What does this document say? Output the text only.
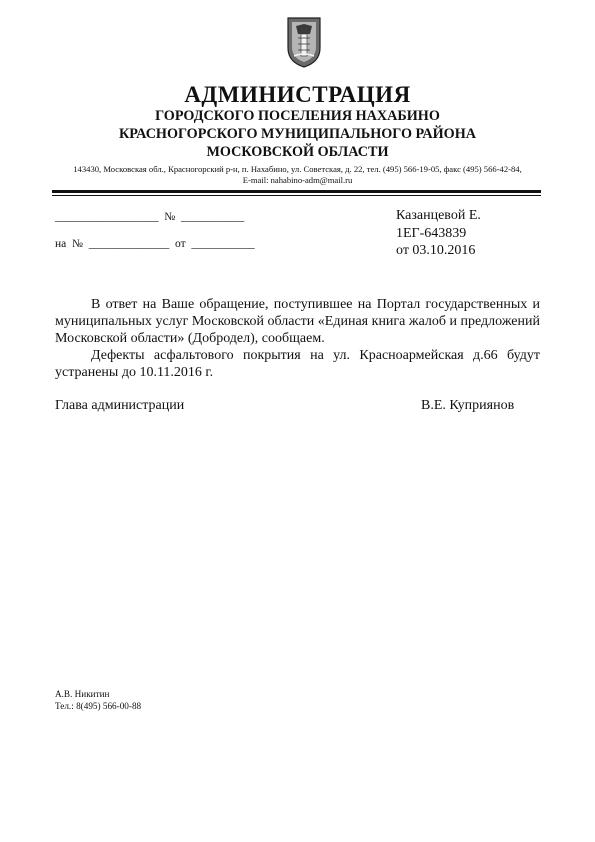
АДМИНИСТРАЦИЯ
ГОРОДСКОГО ПОСЕЛЕНИЯ НАХАБИНО
КРАСНОГОРСКОГО МУНИЦИПАЛЬНОГО РАЙОНА
МОСКОВСКОЙ ОБЛАСТИ
143430, Московская обл., Красногорский р-н, п. Нахабино, ул. Советская, д. 22, тел. (495) 566-19-05, факс (495) 566-42-84,
E-mail: nahabino-adm@mail.ru
__________________  №  ___________
на  №  ______________  от  ___________
Казанцевой Е.
1ЕГ-643839
от 03.10.2016

В ответ на Ваше обращение, поступившее на Портал государственных и муниципальных услуг Московской области «Единая книга жалоб и предложений Московской области» (Добродел), сообщаем.

Дефекты асфальтового покрытия на ул. Красноармейская д.66 будут устранены до 10.11.2016 г.

Глава администрации	В.Е. Куприянов
А.В. Никитин
Тел.: 8(495) 566-00-88
